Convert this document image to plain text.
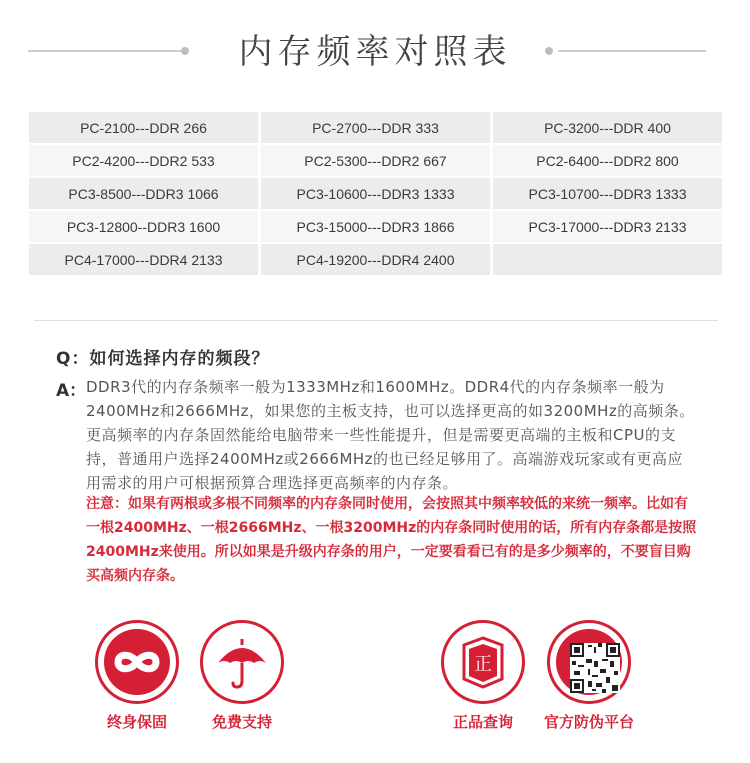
内存频率对照表
PC-2100---DDR 266	PC-2700---DDR 333	PC-3200---DDR 400
PC2-4200---DDR2 533	PC2-5300---DDR2 667	PC2-6400---DDR2 800
PC3-8500---DDR3 1066	PC3-10600---DDR3 1333	PC3-10700---DDR3 1333
PC3-12800--DDR3 1600	PC3-15000---DDR3 1866	PC3-17000---DDR3 2133
PC4-17000---DDR4 2133	PC4-19200---DDR4 2400	
Q：如何选择内存的频段？
A： DDR3代的内存条频率一般为1333MHz和1600MHz。DDR4代的内存条频率一般为2400MHz和2666MHz，如果您的主板支持，也可以选择更高的如3200MHz的高频条。更高频率的内存条固然能给电脑带来一些性能提升，但是需要更高端的主板和CPU的支持，普通用户选择2400MHz或2666MHz的也已经足够用了。高端游戏玩家或有更高应用需求的用户可根据预算合理选择更高频率的内存条。
注意：如果有两根或多根不同频率的内存条同时使用，会按照其中频率较低的来统一频率。比如有一根2400MHz、一根2666MHz、一根3200MHz的内存条同时使用的话，所有内存条都是按照2400MHz来使用。所以如果是升级内存条的用户，一定要看看已有的是多少频率的，不要盲目购买高频内存条。
终身保固	免费支持
正
正品查询	官方防伪平台
